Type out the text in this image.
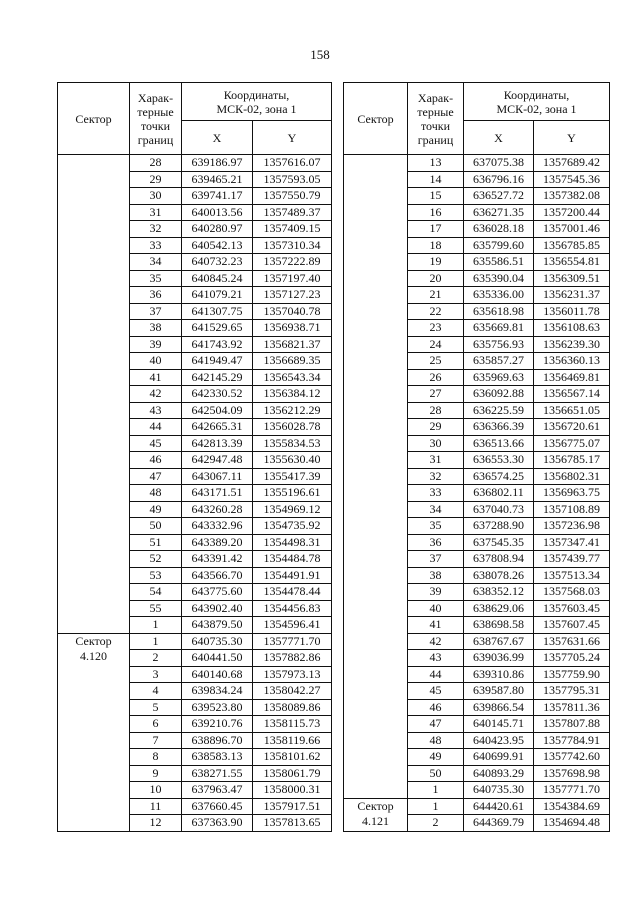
158
Сектор	Харак-
терные
точки
границ	Координаты,
МСК-02, зона 1	
		X	Y

	28	639186.97	1357616.07
	29	639465.21	1357593.05
	30	639741.17	1357550.79
	31	640013.56	1357489.37
	32	640280.97	1357409.15
	33	640542.13	1357310.34
	34	640732.23	1357222.89
	35	640845.24	1357197.40
	36	641079.21	1357127.23
	37	641307.75	1357040.78
	38	641529.65	1356938.71
	39	641743.92	1356821.37
	40	641949.47	1356689.35
	41	642145.29	1356543.34
	42	642330.52	1356384.12
	43	642504.09	1356212.29
	44	642665.31	1356028.78
	45	642813.39	1355834.53
	46	642947.48	1355630.40
	47	643067.11	1355417.39
	48	643171.51	1355196.61
	49	643260.28	1354969.12
	50	643332.96	1354735.92
	51	643389.20	1354498.31
	52	643391.42	1354484.78
	53	643566.70	1354491.91
	54	643775.60	1354478.44
	55	643902.40	1354456.83
	1	643879.50	1354596.41
Сектор
4.120	1	640735.30	1357771.70
	2	640441.50	1357882.86
	3	640140.68	1357973.13
	4	639834.24	1358042.27
	5	639523.80	1358089.86
	6	639210.76	1358115.73
	7	638896.70	1358119.66
	8	638583.13	1358101.62
	9	638271.55	1358061.79
	10	637963.47	1358000.31
	11	637660.45	1357917.51
	12	637363.90	1357813.65
Сектор	Харак-
терные
точки
границ	Координаты,
МСК-02, зона 1	
		X	Y

	13	637075.38	1357689.42
	14	636796.16	1357545.36
	15	636527.72	1357382.08
	16	636271.35	1357200.44
	17	636028.18	1357001.46
	18	635799.60	1356785.85
	19	635586.51	1356554.81
	20	635390.04	1356309.51
	21	635336.00	1356231.37
	22	635618.98	1356011.78
	23	635669.81	1356108.63
	24	635756.93	1356239.30
	25	635857.27	1356360.13
	26	635969.63	1356469.81
	27	636092.88	1356567.14
	28	636225.59	1356651.05
	29	636366.39	1356720.61
	30	636513.66	1356775.07
	31	636553.30	1356785.17
	32	636574.25	1356802.31
	33	636802.11	1356963.75
	34	637040.73	1357108.89
	35	637288.90	1357236.98
	36	637545.35	1357347.41
	37	637808.94	1357439.77
	38	638078.26	1357513.34
	39	638352.12	1357568.03
	40	638629.06	1357603.45
	41	638698.58	1357607.45
	42	638767.67	1357631.66
	43	639036.99	1357705.24
	44	639310.86	1357759.90
	45	639587.80	1357795.31
	46	639866.54	1357811.36
	47	640145.71	1357807.88
	48	640423.95	1357784.91
	49	640699.91	1357742.60
	50	640893.29	1357698.98
	1	640735.30	1357771.70
Сектор
4.121	1	644420.61	1354384.69
	2	644369.79	1354694.48
